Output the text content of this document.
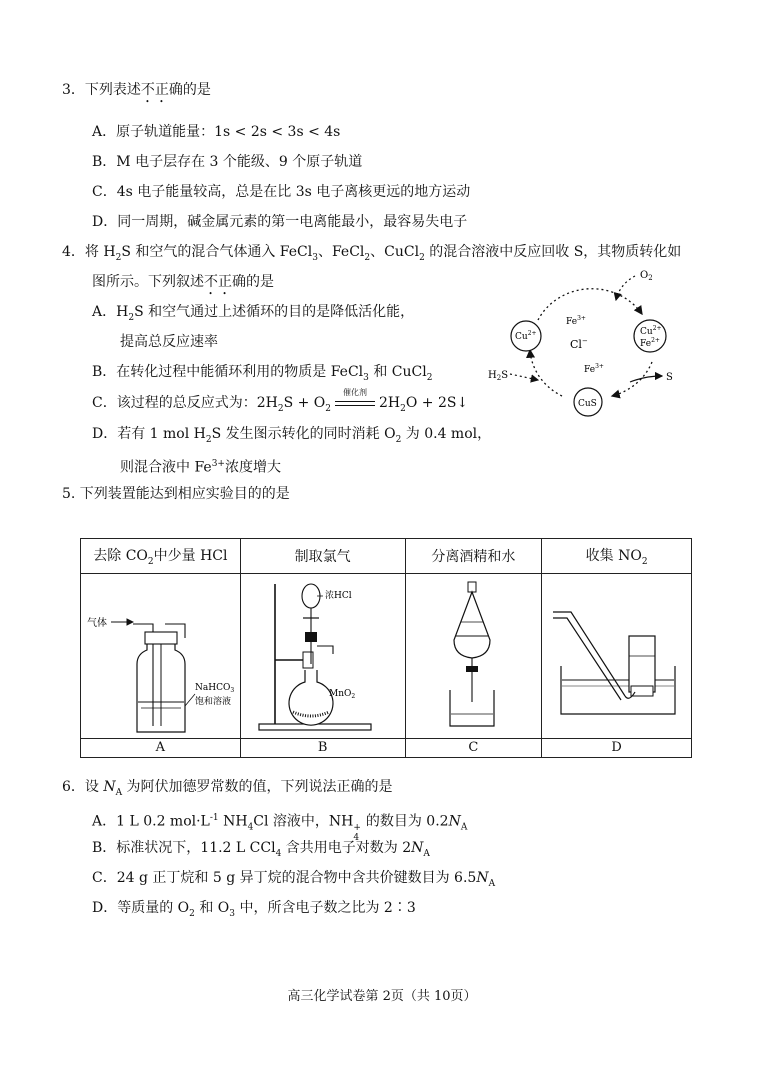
3．下列表述不正确的是
A．原子轨道能量：1s < 2s < 3s < 4s
B．M 电子层存在 3 个能级、9 个原子轨道
C．4s 电子能量较高，总是在比 3s 电子离核更远的地方运动
D．同一周期，碱金属元素的第一电离能最小，最容易失电子
4．将 $H_2S$ 和空气的混合气体通入 FeCl$_3$、FeCl$_2$、CuCl$_2$ 的混合溶液中反应回收 S，其物质转化如
图所示。下列叙述不正确的是
A．$H_2S$ 和空气通过上述循环的目的是降低活化能，
提高总反应速率
B．在转化过程中能循环利用的物质是 FeCl$_3$ 和 CuCl$_2$
C．该过程的总反应式为：$2H_2S + O_2$
催化剂
$2H_2O$ + 2S↓
D．若有 1 mol $H_2S$ 发生图示转化的同时消耗 $O_2$ 为 0.4 mol，
则混合液中 $Fe^{3+}$浓度增大
$O_2$
$Cu^{2+}$	$Cu^{2+}$
$Fe^{2+}$
CuS
$Fe^{3+}$
Cl−
$Fe^{3+}$
$H_2S$	S
5. 下列装置能达到相应实验目的的是
去除 $CO_2$中少量 HCl	制取氯气	分离酒精和水	收集 $NO_2$

气体
NaHCO$_3$
饱和溶液	浓HCl
MnO$_2$

A	B	C	D
6．设 $N_A$ 为阿伏加德罗常数的值，下列说法正确的是
A．1 L 0.2 $mol\cdot L^{-1}$ $NH_4Cl$ 溶液中，NH +
4
的数目为 $0.2N_A$
B．标准状况下，11.2 L CCl$_4$ 含共用电子对数为 $2N_A$
C．24 g 正丁烷和 5 g 异丁烷的混合物中含共价键数目为 $6.5N_A$
D．等质量的 $O_2$ 和 $O_3$ 中，所含电子数之比为 2∶3
高三化学试卷第 2页（共 10页）
